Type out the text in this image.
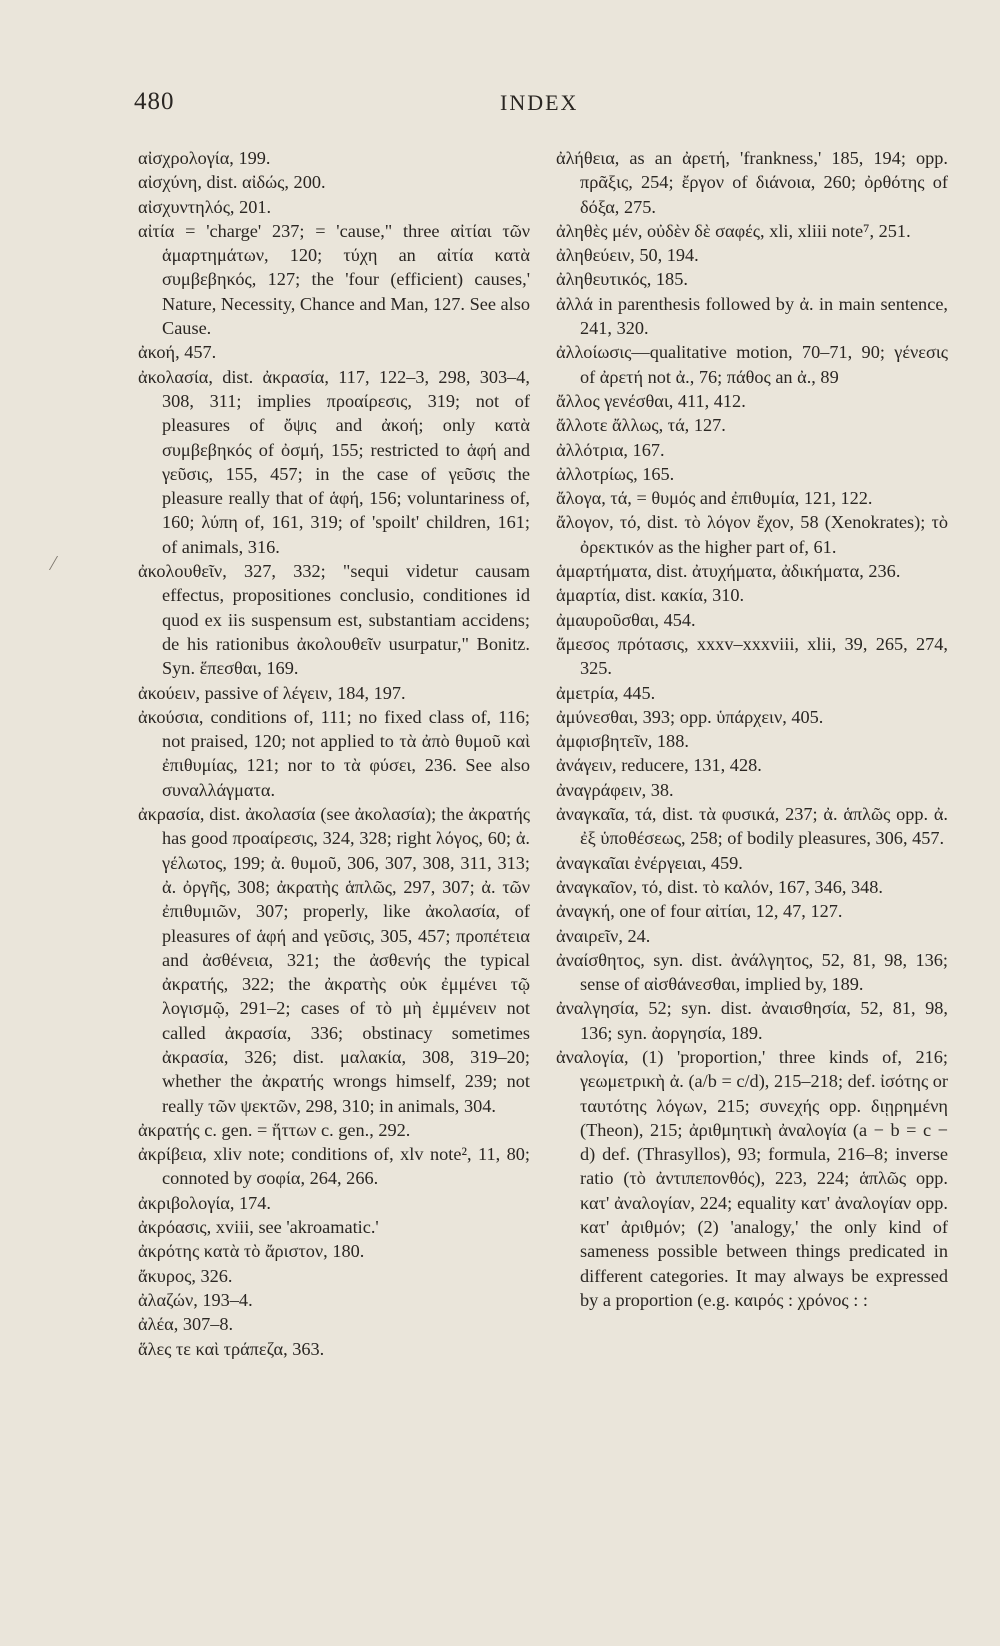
480	INDEX

αἰσχρολογία, 199.

αἰσχύνη, dist. αἰδώς, 200.

αἰσχυντηλός, 201.

αἰτία = 'charge' 237; = 'cause," three αἰτίαι τῶν ἁμαρτημάτων, 120; τύχη an αἰτία κατὰ συμβεβηκός, 127; the 'four (efficient) causes,' Nature, Necessity, Chance and Man, 127. See also Cause.

ἀκοή, 457.

ἀκολασία, dist. ἀκρασία, 117, 122–3, 298, 303–4, 308, 311; implies προαίρεσις, 319; not of pleasures of ὄψις and ἀκοή; only κατὰ συμβεβηκός of ὀσμή, 155; restricted to ἁφή and γεῦσις, 155, 457; in the case of γεῦσις the pleasure really that of ἁφή, 156; voluntariness of, 160; λύπη of, 161, 319; of 'spoilt' children, 161; of animals, 316.

ἀκολουθεῖν, 327, 332; "sequi videtur causam effectus, propositiones conclusio, conditiones id quod ex iis suspensum est, substantiam accidens; de his rationibus ἀκολουθεῖν usurpatur," Bonitz. Syn. ἕπεσθαι, 169.

ἀκούειν, passive of λέγειν, 184, 197.

ἀκούσια, conditions of, 111; no fixed class of, 116; not praised, 120; not applied to τὰ ἀπὸ θυμοῦ καὶ ἐπιθυμίας, 121; nor to τὰ φύσει, 236. See also συναλλάγματα.

ἀκρασία, dist. ἀκολασία (see ἀκολασία); the ἀκρατής has good προαίρεσις, 324, 328; right λόγος, 60; ἀ. γέλωτος, 199; ἀ. θυμοῦ, 306, 307, 308, 311, 313; ἀ. ὀργῆς, 308; ἀκρατὴς ἁπλῶς, 297, 307; ἀ. τῶν ἐπιθυμιῶν, 307; properly, like ἀκολασία, of pleasures of ἁφή and γεῦσις, 305, 457; προπέτεια and ἀσθένεια, 321; the ἀσθενής the typical ἀκρατής, 322; the ἀκρατὴς οὐκ ἐμμένει τῷ λογισμῷ, 291–2; cases of τὸ μὴ ἐμμένειν not called ἀκρασία, 336; obstinacy sometimes ἀκρασία, 326; dist. μαλακία, 308, 319–20; whether the ἀκρατής wrongs himself, 239; not really τῶν ψεκτῶν, 298, 310; in animals, 304.

ἀκρατής c. gen. = ἥττων c. gen., 292.

ἀκρίβεια, xliv note; conditions of, xlv note², 11, 80; connoted by σοφία, 264, 266.

ἀκριβολογία, 174.

ἀκρόασις, xviii, see 'akroamatic.'

ἀκρότης κατὰ τὸ ἄριστον, 180.

ἄκυρος, 326.

ἀλαζών, 193–4.

ἀλέα, 307–8.

ἅλες τε καὶ τράπεζα, 363.

ἀλήθεια, as an ἀρετή, 'frankness,' 185, 194; opp. πρᾶξις, 254; ἔργον of διάνοια, 260; ὀρθότης of δόξα, 275.

ἀληθὲς μέν, οὐδὲν δὲ σαφές, xli, xliii note⁷, 251.

ἀληθεύειν, 50, 194.

ἀληθευτικός, 185.

ἀλλά in parenthesis followed by ἀ. in main sentence, 241, 320.

ἀλλοίωσις—qualitative motion, 70–71, 90; γένεσις of ἀρετή not ἀ., 76; πάθος an ἀ., 89

ἄλλος γενέσθαι, 411, 412.

ἄλλοτε ἄλλως, τά, 127.

ἀλλότρια, 167.

ἀλλοτρίως, 165.

ἄλογα, τά, = θυμός and ἐπιθυμία, 121, 122.

ἄλογον, τό, dist. τὸ λόγον ἔχον, 58 (Xenokrates); τὸ ὀρεκτικόν as the higher part of, 61.

ἁμαρτήματα, dist. ἀτυχήματα, ἀδικήματα, 236.

ἁμαρτία, dist. κακία, 310.

ἀμαυροῦσθαι, 454.

ἄμεσος πρότασις, xxxv–xxxviii, xlii, 39, 265, 274, 325.

ἀμετρία, 445.

ἀμύνεσθαι, 393; opp. ὑπάρχειν, 405.

ἀμφισβητεῖν, 188.

ἀνάγειν, reducere, 131, 428.

ἀναγράφειν, 38.

ἀναγκαῖα, τά, dist. τὰ φυσικά, 237; ἀ. ἁπλῶς opp. ἀ. ἐξ ὑποθέσεως, 258; of bodily pleasures, 306, 457.

ἀναγκαῖαι ἐνέργειαι, 459.

ἀναγκαῖον, τό, dist. τὸ καλόν, 167, 346, 348.

ἀναγκή, one of four αἰτίαι, 12, 47, 127.

ἀναιρεῖν, 24.

ἀναίσθητος, syn. dist. ἀνάλγητος, 52, 81, 98, 136; sense of αἰσθάνεσθαι, implied by, 189.

ἀναλγησία, 52; syn. dist. ἀναισθησία, 52, 81, 98, 136; syn. ἀοργησία, 189.

ἀναλογία, (1) 'proportion,' three kinds of, 216; γεωμετρικὴ ἀ. (a/b = c/d), 215–218; def. ἰσότης or ταυτότης λόγων, 215; συνεχής opp. διῃρημένη (Theon), 215; ἀριθμητικὴ ἀναλογία (a − b = c − d) def. (Thrasyllos), 93; formula, 216–8; inverse ratio (τὸ ἀντιπεπονθός), 223, 224; ἁπλῶς opp. κατ' ἀναλογίαν, 224; equality κατ' ἀναλογίαν opp. κατ' ἀριθμόν; (2) 'analogy,' the only kind of sameness possible between things predicated in different categories. It may always be expressed by a proportion (e.g. καιρός : χρόνος : :
